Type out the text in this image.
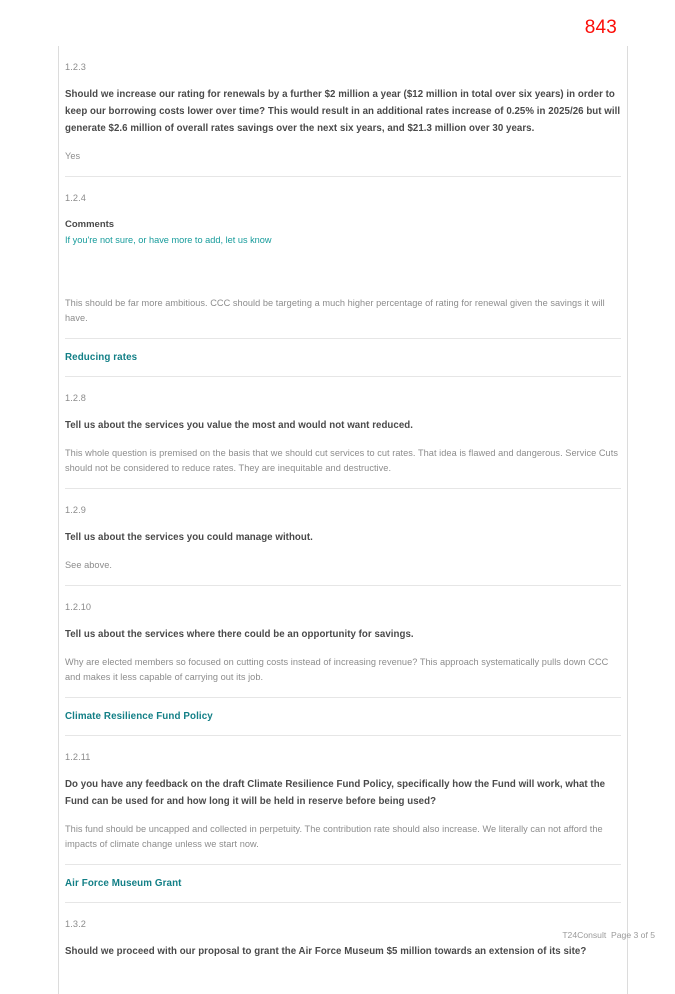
843
1.2.3
Should we increase our rating for renewals by a further $2 million a year ($12 million in total over six years) in order to keep our borrowing costs lower over time? This would result in an additional rates increase of 0.25% in 2025/26 but will generate $2.6 million of overall rates savings over the next six years, and $21.3 million over 30 years.
Yes
1.2.4
Comments
If you're not sure, or have more to add, let us know
This should be far more ambitious. CCC should be targeting a much higher percentage of rating for renewal given the savings it will have.
Reducing rates
1.2.8
Tell us about the services you value the most and would not want reduced.
This whole question is premised on the basis that we should cut services to cut rates. That idea is flawed and dangerous. Service Cuts should not be considered to reduce rates. They are inequitable and destructive.
1.2.9
Tell us about the services you could manage without.
See above.
1.2.10
Tell us about the services where there could be an opportunity for savings.
Why are elected members so focused on cutting costs instead of increasing revenue? This approach systematically pulls down CCC and makes it less capable of carrying out its job.
Climate Resilience Fund Policy
1.2.11
Do you have any feedback on the draft Climate Resilience Fund Policy, specifically how the Fund will work, what the Fund can be used for and how long it will be held in reserve before being used?
This fund should be uncapped and collected in perpetuity. The contribution rate should also increase. We literally can not afford the impacts of climate change unless we start now.
Air Force Museum Grant
1.3.2
Should we proceed with our proposal to grant the Air Force Museum $5 million towards an extension of its site?
T24Consult  Page 3 of 5
